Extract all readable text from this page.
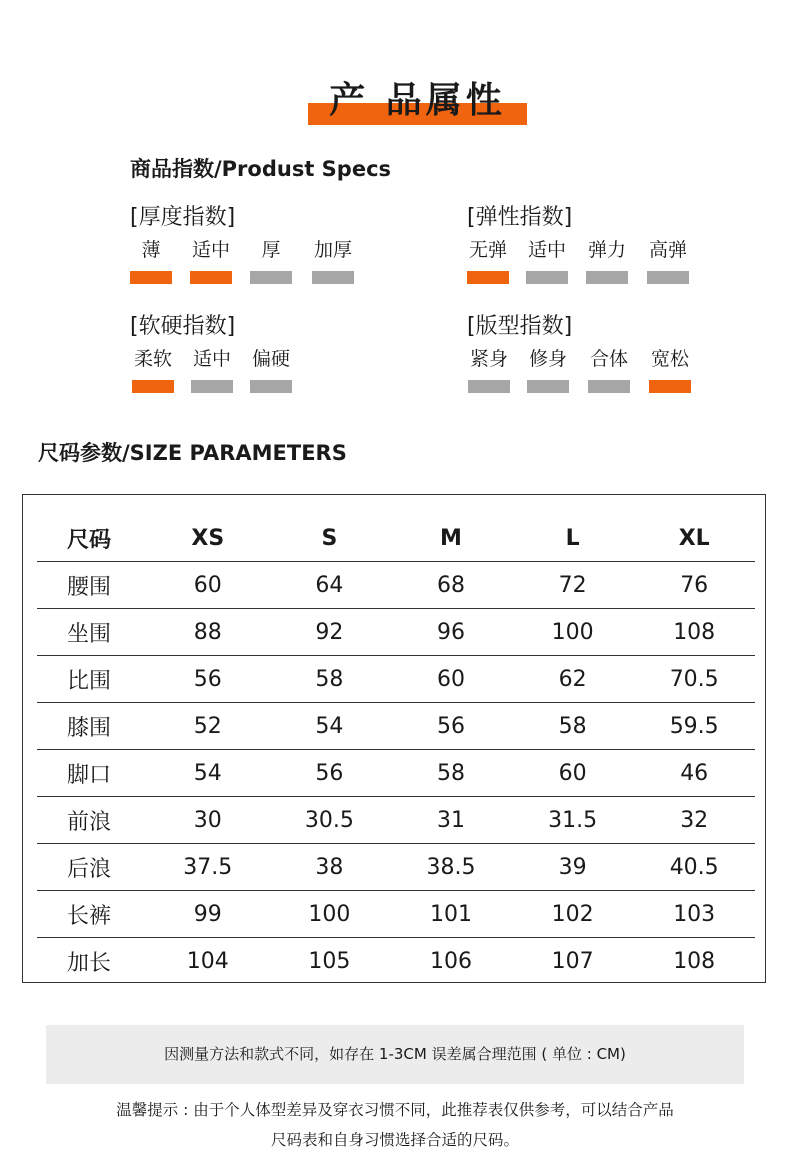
产 品属性
商品指数/Produst Specs
[厚度指数]
薄	适中	厚	加厚
[弹性指数]
无弹 适中 弹力 高弹
[软硬指数]
柔软 适中 偏硬
[版型指数]
紧身 修身 合体 宽松
尺码参数/SIZE PARAMETERS
尺码	XS	S	M	L	XL
腰围	60	64	68	72	76
坐围	88	92	96	100	108
比围	56	58	60	62	70.5
膝围	52	54	56	58	59.5
脚口	54	56	58	60	46
前浪	30	30.5	31	31.5	32
后浪	37.5	38	38.5	39	40.5
长裤	99	100	101	102	103
加长	104	105	106	107	108
因测量方法和款式不同，如存在 1-3CM 误差属合理范围 ( 单位 : CM)
温馨提示 : 由于个人体型差异及穿衣习惯不同，此推荐表仅供参考，可以结合产品
尺码表和自身习惯选择合适的尺码。
